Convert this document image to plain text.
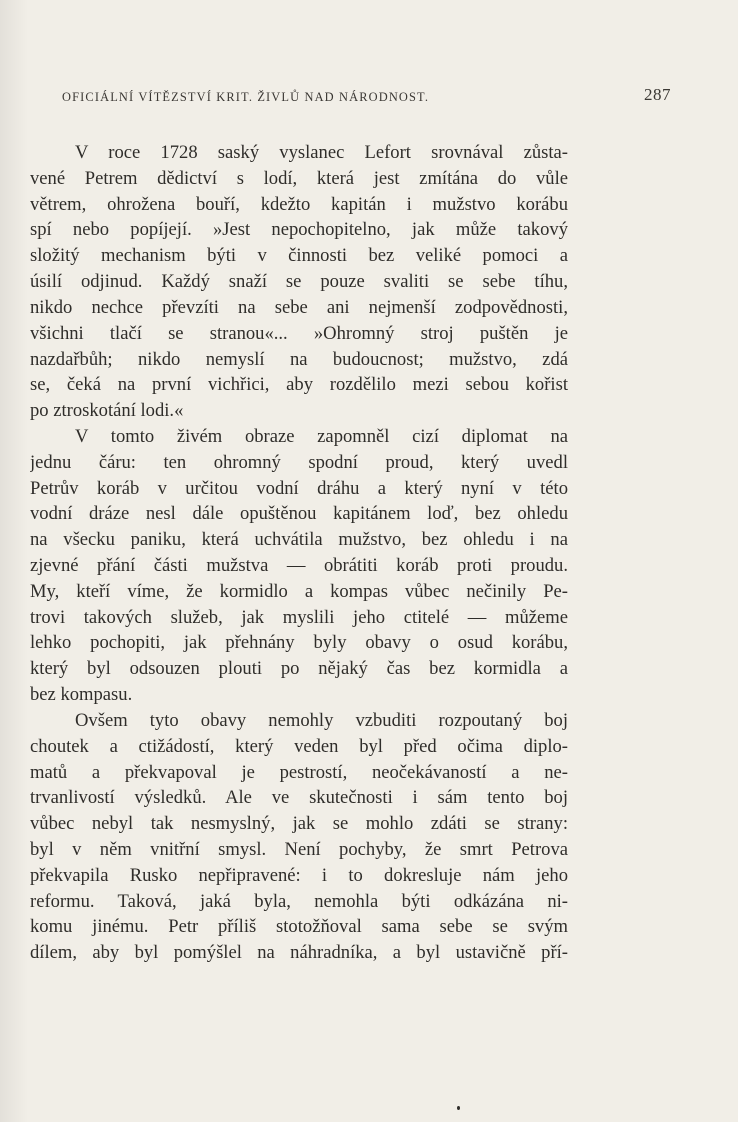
OFICIÁLNÍ VÍTĚZSTVÍ KRIT. ŽIVLŮ NAD NÁRODNOST.	287
V roce 1728 saský vyslanec Lefort srovnával zůsta-
vené Petrem dědictví s lodí, která jest zmítána do vůle
větrem, ohrožena bouří, kdežto kapitán i mužstvo korábu
spí nebo popíjejí. »Jest nepochopitelno, jak může takový
složitý mechanism býti v činnosti bez veliké pomoci a
úsilí odjinud. Každý snaží se pouze svaliti se sebe tíhu,
nikdo nechce převzíti na sebe ani nejmenší zodpovědnosti,
všichni tlačí se stranou«... »Ohromný stroj puštěn je
nazdařbůh; nikdo nemyslí na budoucnost; mužstvo, zdá
se, čeká na první vichřici, aby rozdělilo mezi sebou kořist
po ztroskotání lodi.«
V tomto živém obraze zapomněl cizí diplomat na
jednu čáru: ten ohromný spodní proud, který uvedl
Petrův koráb v určitou vodní dráhu a který nyní v této
vodní dráze nesl dále opuštěnou kapitánem loď, bez ohledu
na všecku paniku, která uchvátila mužstvo, bez ohledu i na
zjevné přání části mužstva — obrátiti koráb proti proudu.
My, kteří víme, že kormidlo a kompas vůbec nečinily Pe-
trovi takových služeb, jak myslili jeho ctitelé — můžeme
lehko pochopiti, jak přehnány byly obavy o osud korábu,
který byl odsouzen plouti po nějaký čas bez kormidla a
bez kompasu.
Ovšem tyto obavy nemohly vzbuditi rozpoutaný boj
choutek a ctižádostí, který veden byl před očima diplo-
matů a překvapoval je pestrostí, neočekávaností a ne-
trvanlivostí výsledků. Ale ve skutečnosti i sám tento boj
vůbec nebyl tak nesmyslný, jak se mohlo zdáti se strany:
byl v něm vnitřní smysl. Není pochyby, že smrt Petrova
překvapila Rusko nepřipravené: i to dokresluje nám jeho
reformu. Taková, jaká byla, nemohla býti odkázána ni-
komu jinému. Petr příliš stotožňoval sama sebe se svým
dílem, aby byl pomýšlel na náhradníka, a byl ustavičně pří-
